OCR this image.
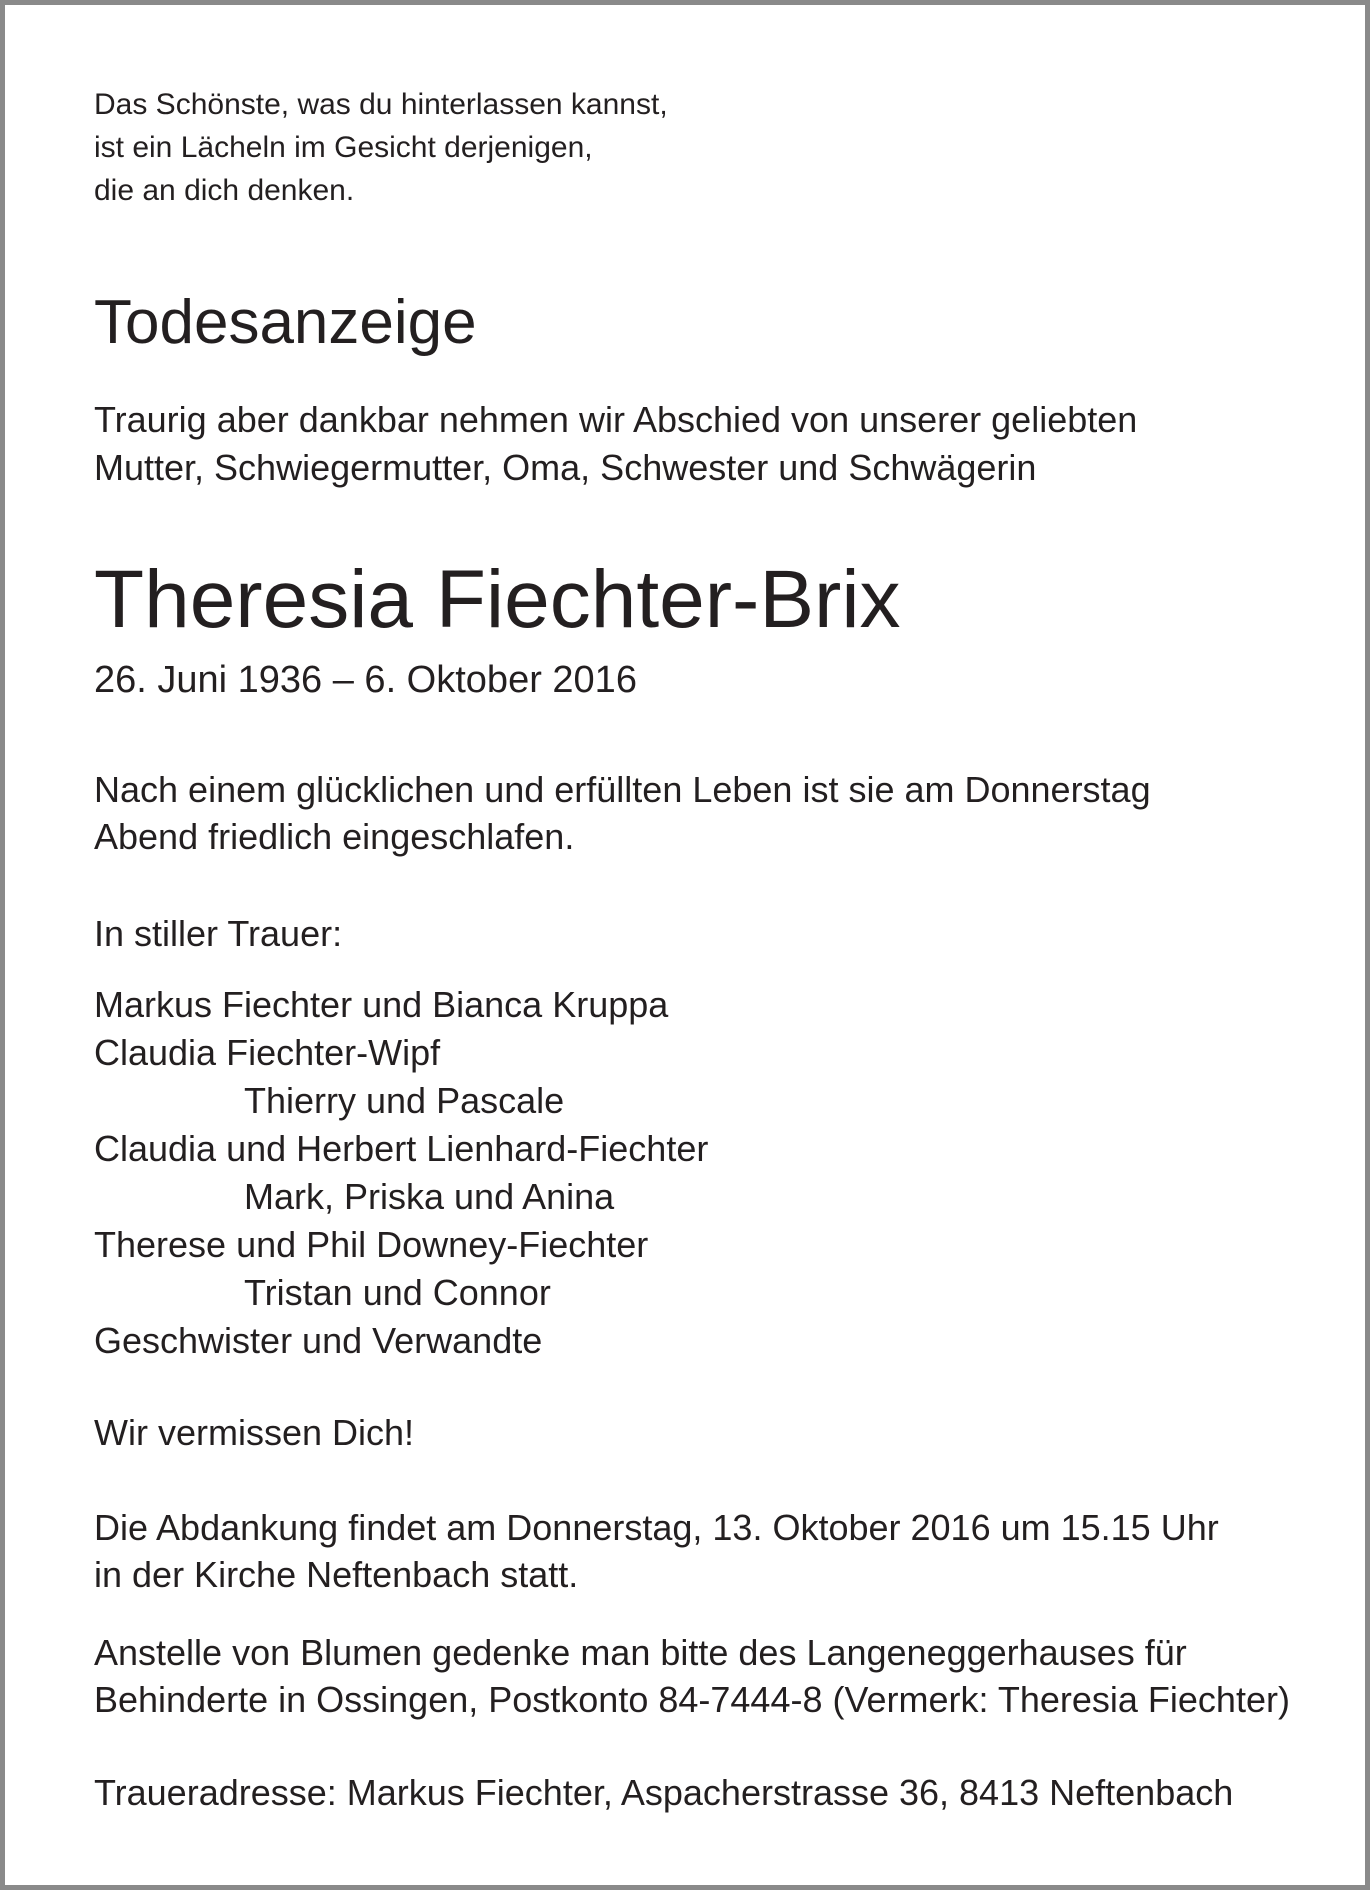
Das Schönste, was du hinterlassen kannst,
ist ein Lächeln im Gesicht derjenigen,
die an dich denken.

Todesanzeige

Traurig aber dankbar nehmen wir Abschied von unserer geliebten
Mutter, Schwiegermutter, Oma, Schwester und Schwägerin

Theresia Fiechter-Brix

26. Juni 1936 – 6. Oktober 2016

Nach einem glücklichen und erfüllten Leben ist sie am Donnerstag
Abend friedlich eingeschlafen.

In stiller Trauer:

Markus Fiechter und Bianca Kruppa
Claudia Fiechter-Wipf
Thierry und Pascale
Claudia und Herbert Lienhard-Fiechter
Mark, Priska und Anina
Therese und Phil Downey-Fiechter
Tristan und Connor
Geschwister und Verwandte

Wir vermissen Dich!

Die Abdankung findet am Donnerstag, 13. Oktober 2016 um 15.15 Uhr
in der Kirche Neftenbach statt.

Anstelle von Blumen gedenke man bitte des Langeneggerhauses für
Behinderte in Ossingen, Postkonto 84-7444-8 (Vermerk: Theresia Fiechter)

Traueradresse: Markus Fiechter, Aspacherstrasse 36, 8413 Neftenbach
